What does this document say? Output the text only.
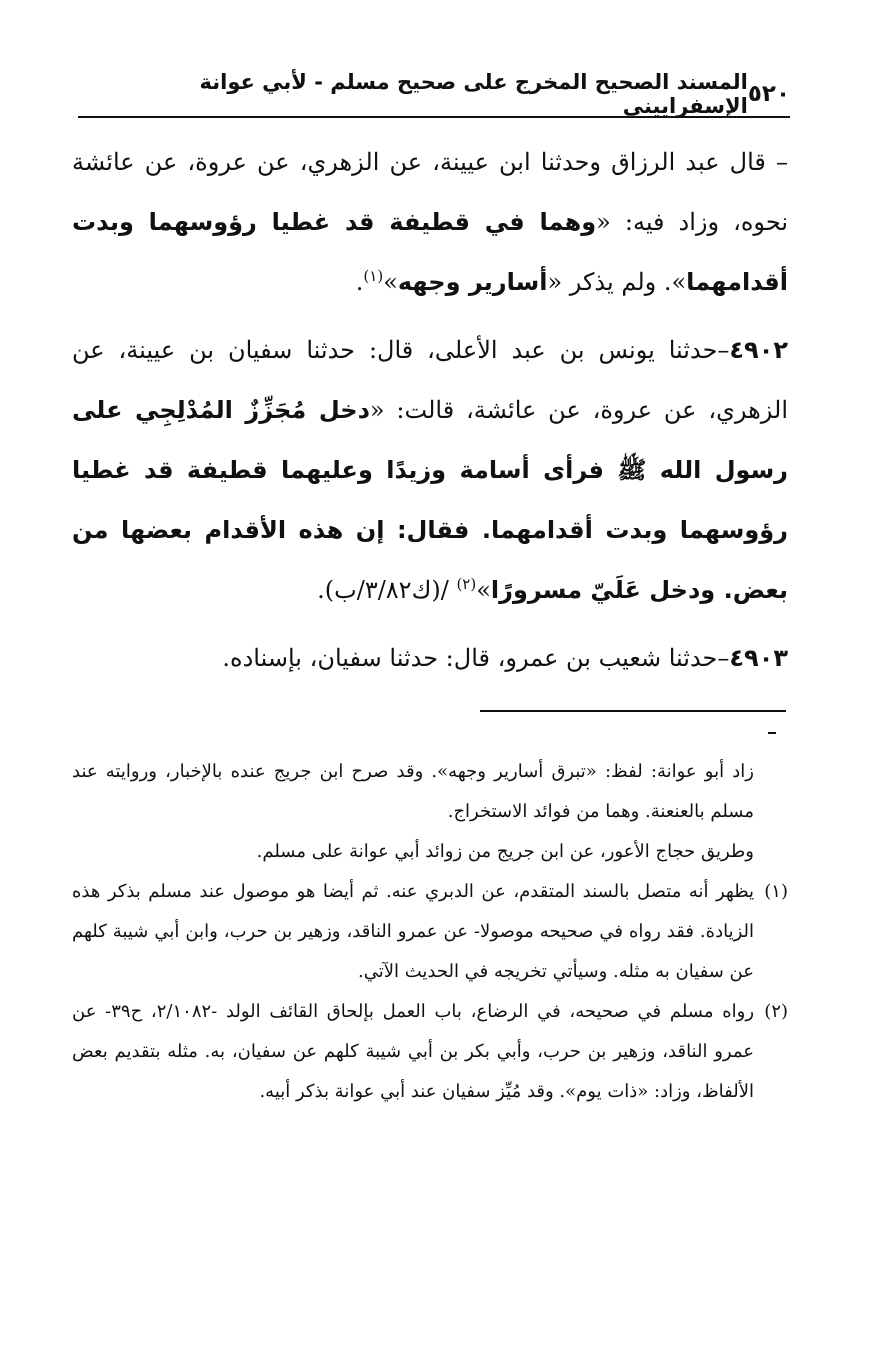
٥٢٠
المسند الصحيح المخرج على صحيح مسلم - لأبي عوانة الإسفراييني

– قال عبد الرزاق وحدثنا ابن عيينة، عن الزهري، عن عروة، عن عائشة نحوه، وزاد فيه: «وهما في قطيفة قد غطيا رؤوسهما وبدت أقدامهما». ولم يذكر «أسارير وجهه»$^{(١)}$.

٤٩٠٢–حدثنا يونس بن عبد الأعلى، قال: حدثنا سفيان بن عيينة، عن الزهري، عن عروة، عن عائشة، قالت: «دخل مُجَزِّزٌ المُدْلِجِي على رسول الله ﷺ فرأى أسامة وزيدًا وعليهما قطيفة قد غطيا رؤوسهما وبدت أقدامهما. فقال: إن هذه الأقدام بعضها من بعض. ودخل عَلَيّ مسرورًا»$^{(٢)}$ /(ك٣/٨٢/ب).

٤٩٠٣–حدثنا شعيب بن عمرو، قال: حدثنا سفيان، بإسناده.

زاد أبو عوانة: لفظ: «تبرق أسارير وجهه». وقد صرح ابن جريج عنده بالإخبار، وروايته عند مسلم بالعنعنة. وهما من فوائد الاستخراج.

وطريق حجاج الأعور، عن ابن جريج من زوائد أبي عوانة على مسلم.

(١)يظهر أنه متصل بالسند المتقدم، عن الدبري عنه. ثم أيضا هو موصول عند مسلم بذكر هذه الزيادة. فقد رواه في صحيحه موصولا- عن عمرو الناقد، وزهير بن حرب، وابن أبي شيبة كلهم عن سفيان به مثله. وسيأتي تخريجه في الحديث الآتي.

(٢)رواه مسلم في صحيحه، في الرضاع، باب العمل بإلحاق القائف الولد -٢/١٠٨٢، ح٣٩- عن عمرو الناقد، وزهير بن حرب، وأبي بكر بن أبي شيبة كلهم عن سفيان، به. مثله بتقديم بعض الألفاظ، وزاد: «ذات يوم». وقد مُيِّز سفيان عند أبي عوانة بذكر أبيه.
